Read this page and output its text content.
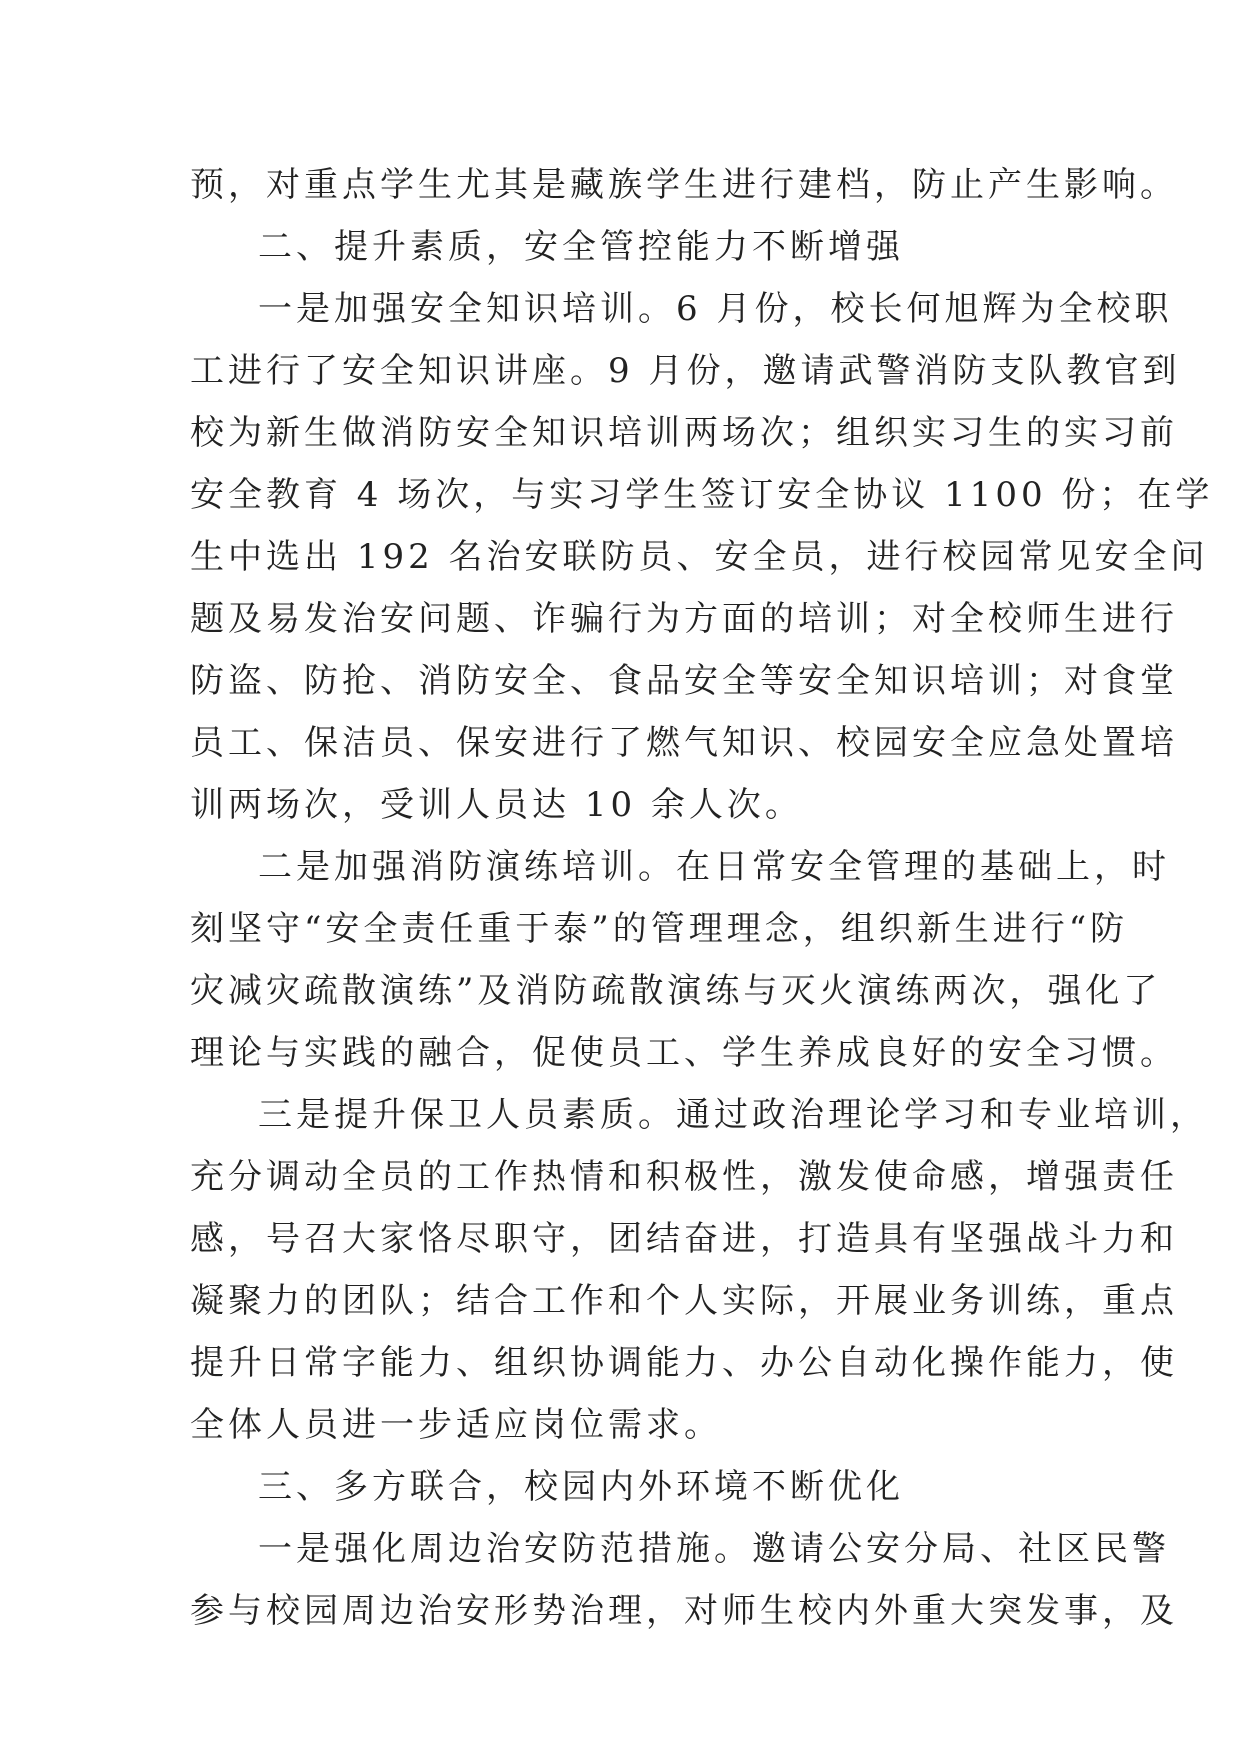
预，对重点学生尤其是藏族学生进行建档，防止产生影响。
二、提升素质，安全管控能力不断增强
一是加强安全知识培训。6 月份，校长何旭辉为全校职
工进行了安全知识讲座。9 月份，邀请武警消防支队教官到
校为新生做消防安全知识培训两场次；组织实习生的实习前
安全教育 4 场次，与实习学生签订安全协议 1100 份；在学
生中选出 192 名治安联防员、安全员，进行校园常见安全问
题及易发治安问题、诈骗行为方面的培训；对全校师生进行
防盗、防抢、消防安全、食品安全等安全知识培训；对食堂
员工、保洁员、保安进行了燃气知识、校园安全应急处置培
训两场次，受训人员达 10 余人次。
二是加强消防演练培训。在日常安全管理的基础上，时
刻坚守“安全责任重于泰”的管理理念，组织新生进行“防
灾减灾疏散演练”及消防疏散演练与灭火演练两次，强化了
理论与实践的融合，促使员工、学生养成良好的安全习惯。
三是提升保卫人员素质。通过政治理论学习和专业培训，
充分调动全员的工作热情和积极性，激发使命感，增强责任
感，号召大家恪尽职守，团结奋进，打造具有坚强战斗力和
凝聚力的团队；结合工作和个人实际，开展业务训练，重点
提升日常字能力、组织协调能力、办公自动化操作能力，使
全体人员进一步适应岗位需求。
三、多方联合，校园内外环境不断优化
一是强化周边治安防范措施。邀请公安分局、社区民警
参与校园周边治安形势治理，对师生校内外重大突发事，及
